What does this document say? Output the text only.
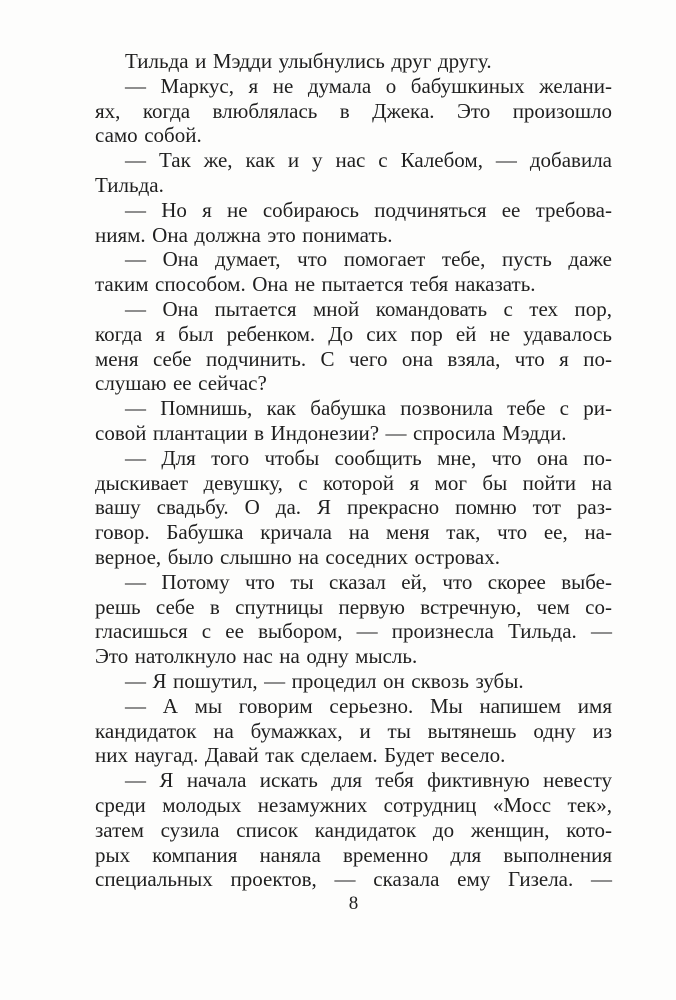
Тильда и Мэдди улыбнулись друг другу.
— Маркус, я не думала о бабушкиных желани-
ях, когда влюблялась в Джека. Это произошло
само собой.
— Так же, как и у нас с Калебом, — добавила
Тильда.
— Но я не собираюсь подчиняться ее требова-
ниям. Она должна это понимать.
— Она думает, что помогает тебе, пусть даже
таким способом. Она не пытается тебя наказать.
— Она пытается мной командовать с тех пор,
когда я был ребенком. До сих пор ей не удавалось
меня себе подчинить. С чего она взяла, что я по-
слушаю ее сейчас?
— Помнишь, как бабушка позвонила тебе с ри-
совой плантации в Индонезии? — спросила Мэдди.
— Для того чтобы сообщить мне, что она по-
дыскивает девушку, с которой я мог бы пойти на
вашу свадьбу. О да. Я прекрасно помню тот раз-
говор. Бабушка кричала на меня так, что ее, на-
верное, было слышно на соседних островах.
— Потому что ты сказал ей, что скорее выбе-
решь себе в спутницы первую встречную, чем со-
гласишься с ее выбором, — произнесла Тильда. —
Это натолкнуло нас на одну мысль.
— Я пошутил, — процедил он сквозь зубы.
— А мы говорим серьезно. Мы напишем имя
кандидаток на бумажках, и ты вытянешь одну из
них наугад. Давай так сделаем. Будет весело.
— Я начала искать для тебя фиктивную невесту
среди молодых незамужних сотрудниц «Мосс тек»,
затем сузила список кандидаток до женщин, кото-
рых компания наняла временно для выполнения
специальных проектов, — сказала ему Гизела. —
8
